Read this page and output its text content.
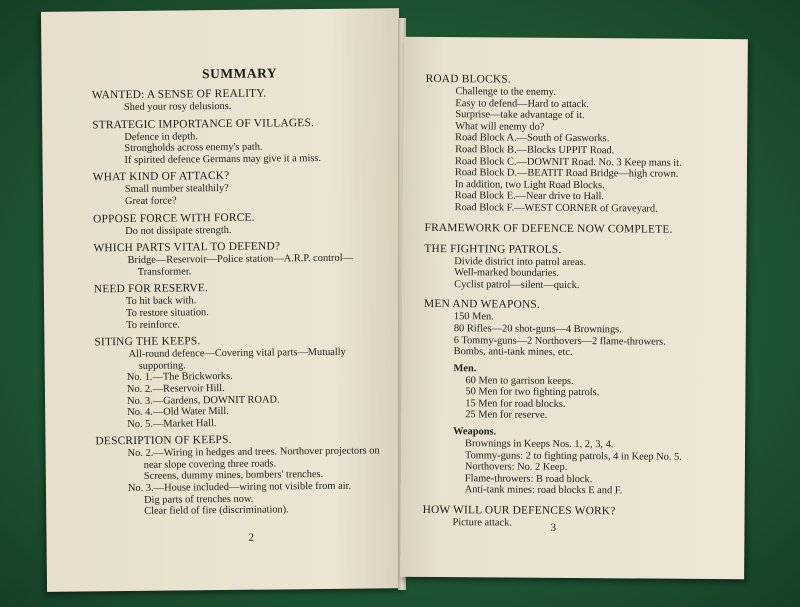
SUMMARY
WANTED: A SENSE OF REALITY.
Shed your rosy delusions.
STRATEGIC IMPORTANCE OF VILLAGES.
Defence in depth.
Strongholds across enemy's path.
If spirited defence Germans may give it a miss.
WHAT KIND OF ATTACK?
Small number stealthily?
Great force?
OPPOSE FORCE WITH FORCE.
Do not dissipate strength.
WHICH PARTS VITAL TO DEFEND?
Bridge—Reservoir—Police station—A.R.P. control—Transformer.
NEED FOR RESERVE.
To hit back with.
To restore situation.
To reinforce.
SITING THE KEEPS.
All-round defence—Covering vital parts—Mutually supporting.
No. 1.—The Brickworks.
No. 2.—Reservoir Hill.
No. 3.—Gardens, DOWNIT ROAD.
No. 4.—Old Water Mill.
No. 5.—Market Hall.
DESCRIPTION OF KEEPS.
No. 2.—Wiring in hedges and trees. Northover projectors on near slope covering three roads.
Screens, dummy mines, bombers' trenches.
No. 3.—House included—wiring not visible from air.
Dig parts of trenches now.
Clear field of fire (discrimination).
2
ROAD BLOCKS.
Challenge to the enemy.
Easy to defend—Hard to attack.
Surprise—take advantage of it.
What will enemy do?
Road Block A.—South of Gasworks.
Road Block B.—Blocks UPPIT Road.
Road Block C.—DOWNIT Road. No. 3 Keep mans it.
Road Block D.—BEATIT Road Bridge—high crown.
In addition, two Light Road Blocks.
Road Block E.—Near drive to Hall.
Road Block F.—WEST CORNER of Graveyard.
FRAMEWORK OF DEFENCE NOW COMPLETE.
THE FIGHTING PATROLS.
Divide district into patrol areas.
Well-marked boundaries.
Cyclist patrol—silent—quick.
MEN AND WEAPONS.
150 Men.
80 Rifles—20 shot-guns—4 Brownings.
6 Tommy-guns—2 Northovers—2 flame-throwers.
Bombs, anti-tank mines, etc.
Men.
60 Men to garrison keeps.
50 Men for two fighting patrols.
15 Men for road blocks.
25 Men for reserve.
Weapons.
Brownings in Keeps Nos. 1, 2, 3, 4.
Tommy-guns: 2 to fighting patrols, 4 in Keep No. 5.
Northovers: No. 2 Keep.
Flame-throwers: B road block.
Anti-tank mines: road blocks E and F.
HOW WILL OUR DEFENCES WORK?
Picture attack.	3
